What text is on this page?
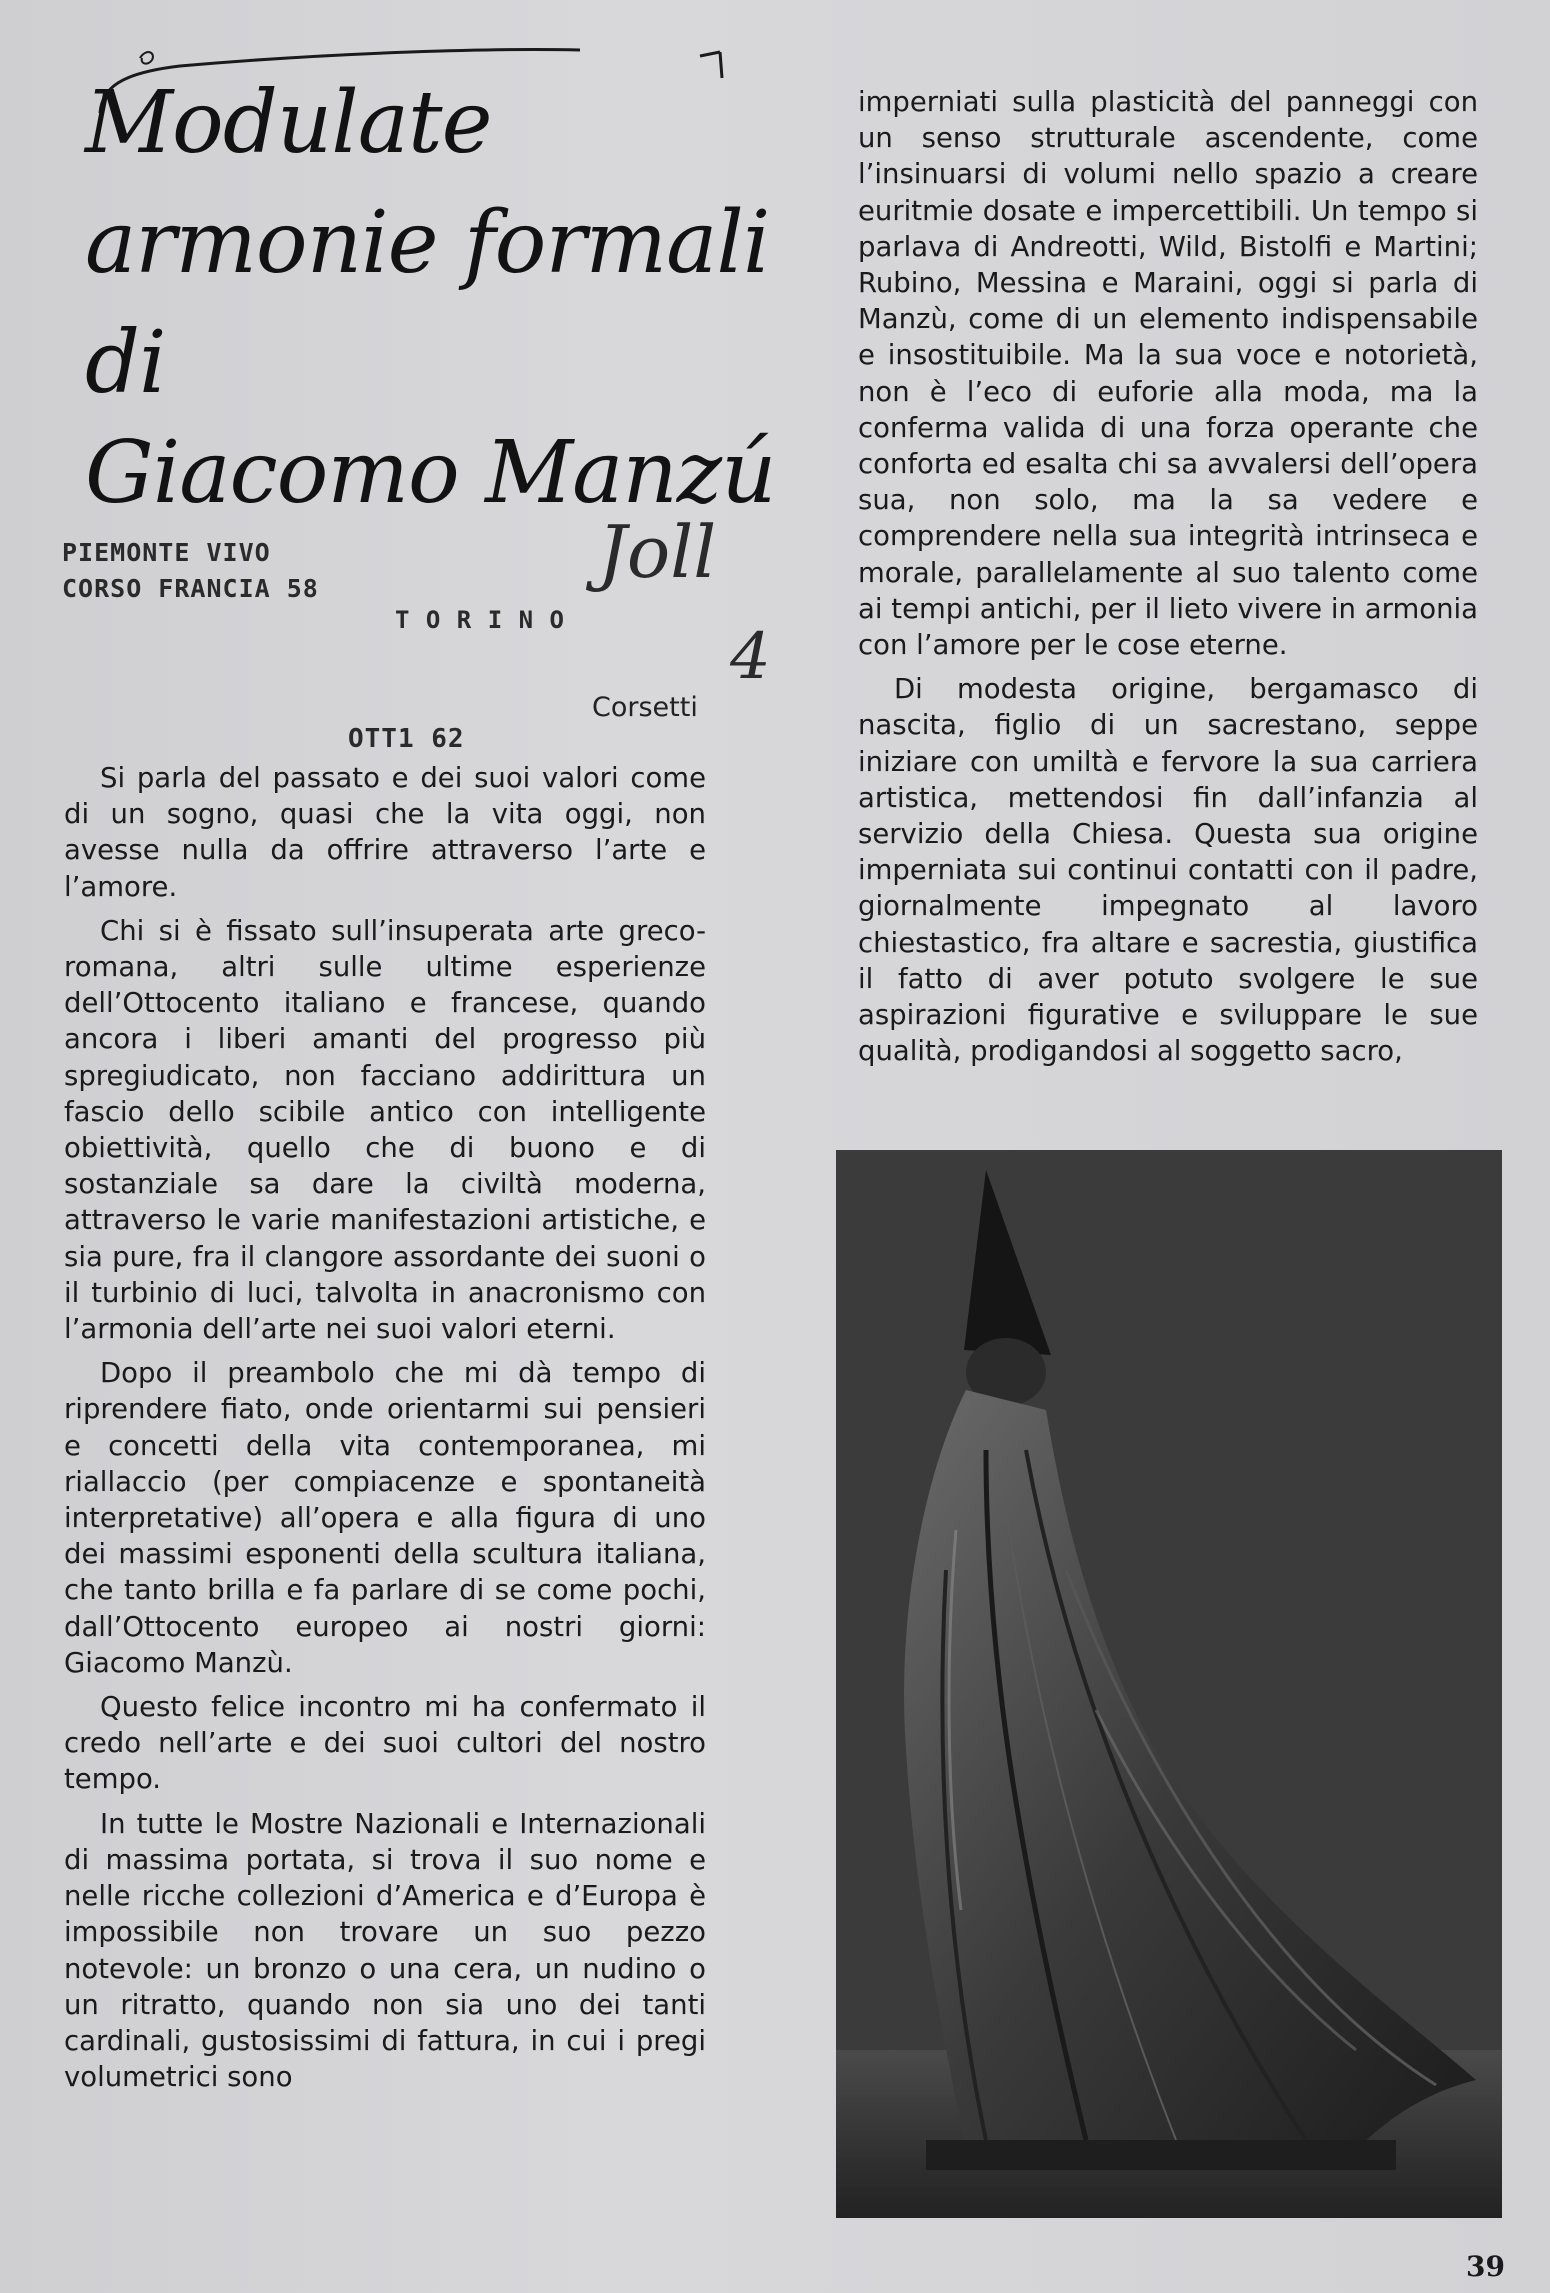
Modulate
armonie formali
di
Giacomo Manzú
PIEMONTE VIVO
CORSO FRANCIA 58
T O R I N O
OTT1 62
Joll
4
Corsetti

Si parla del passato e dei suoi valori come di un sogno, quasi che la vita oggi, non avesse nulla da offrire attraverso l’arte e l’amore.

Chi si è fissato sull’insuperata arte greco-romana, altri sulle ultime esperienze dell’Ottocento italiano e francese, quando ancora i liberi amanti del progresso più spregiudicato, non facciano addirittura un fascio dello scibile antico con intelligente obiettività, quello che di buono e di sostanziale sa dare la civiltà moderna, attraverso le varie manifestazioni artistiche, e sia pure, fra il clangore assordante dei suoni o il turbinio di luci, talvolta in anacronismo con l’armonia dell’arte nei suoi valori eterni.

Dopo il preambolo che mi dà tempo di riprendere fiato, onde orientarmi sui pensieri e concetti della vita contemporanea, mi riallaccio (per compiacenze e spontaneità interpretative) all’opera e alla figura di uno dei massimi esponenti della scultura italiana, che tanto brilla e fa parlare di se come pochi, dall’Ottocento europeo ai nostri giorni: Giacomo Manzù.

Questo felice incontro mi ha confermato il credo nell’arte e dei suoi cultori del nostro tempo.

In tutte le Mostre Nazionali e Internazionali di massima portata, si trova il suo nome e nelle ricche collezioni d’America e d’Europa è impossibile non trovare un suo pezzo notevole: un bronzo o una cera, un nudino o un ritratto, quando non sia uno dei tanti cardinali, gustosissimi di fattura, in cui i pregi volumetrici sono

imperniati sulla plasticità del panneggi con un senso strutturale ascendente, come l’insinuarsi di volumi nello spazio a creare euritmie dosate e impercettibili. Un tempo si parlava di Andreotti, Wild, Bistolfi e Martini; Rubino, Messina e Maraini, oggi si parla di Manzù, come di un elemento indispensabile e insostituibile. Ma la sua voce e notorietà, non è l’eco di euforie alla moda, ma la conferma valida di una forza operante che conforta ed esalta chi sa avvalersi dell’opera sua, non solo, ma la sa vedere e comprendere nella sua integrità intrinseca e morale, parallelamente al suo talento come ai tempi antichi, per il lieto vivere in armonia con l’amore per le cose eterne.

Di modesta origine, bergamasco di nascita, figlio di un sacrestano, seppe iniziare con umiltà e fervore la sua carriera artistica, mettendosi fin dall’infanzia al servizio della Chiesa. Questa sua origine imperniata sui continui contatti con il padre, giornalmente impegnato al lavoro chiestastico, fra altare e sacrestia, giustifica il fatto di aver potuto svolgere le sue aspirazioni figurative e sviluppare le sue qualità, prodigandosi al soggetto sacro,

39
